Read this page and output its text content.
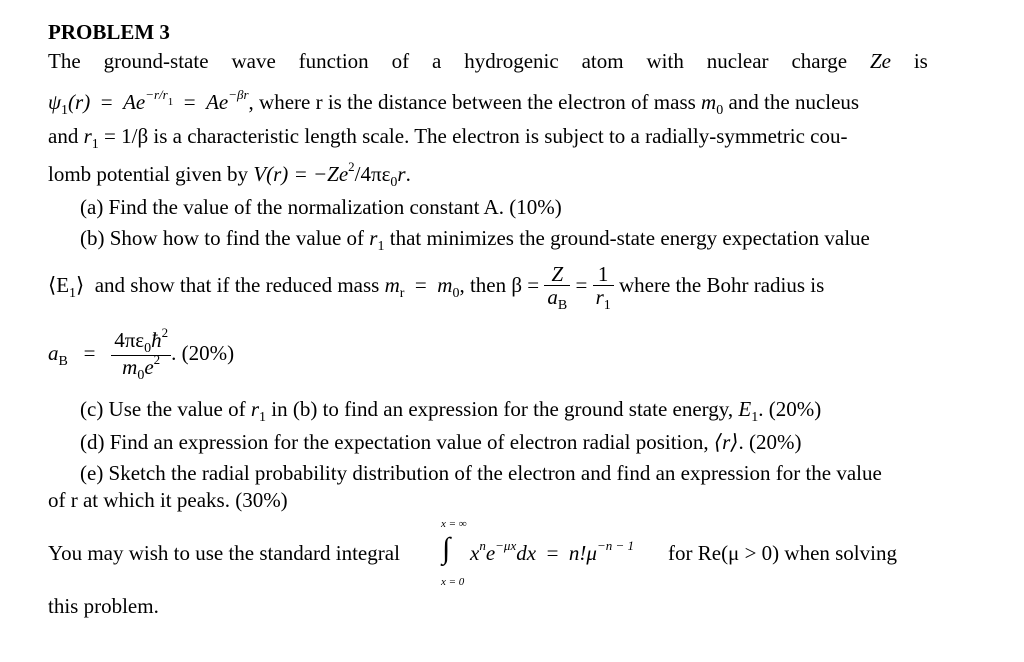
PROBLEM 3
The ground-state wave function of a hydrogenic atom with nuclear charge Ze is
$\psi_1(r) = Ae^{-r/r}1 = Ae^{-\beta r}$, where r is the distance between the electron of mass $m_0$ and the nucleus
and $r_1 = 1/\beta$ is a characteristic length scale. The electron is subject to a radially-symmetric cou-
lomb potential given by $V(r) = -Ze^2/4\pi\varepsilon_0r$.
(a) Find the value of the normalization constant A. (10%)
(b) Show how to find the value of $r_1$ that minimizes the ground-state energy expectation value
$⟨E_1⟩$ and show that if the reduced mass $m_r = m_0$, then $\beta = \frac{Z}{a_B} = \frac{1}{r_1}$ where the Bohr radius is
$a_B = \frac{4\pi\varepsilon_0ħ^2}{m_0e^2}$ . (20%)
(c) Use the value of $r_1$ in (b) to find an expression for the ground state energy, $E_1$. (20%)
(d) Find an expression for the expectation value of electron radial position, ⟨r⟩. (20%)
(e) Sketch the radial probability distribution of the electron and find an expression for the value
of r at which it peaks. (30%)
x = ∞
x = 0
You may wish to use the standard integral ∫ $x^ne^{-\mu x}dx = n!\mu^{-n - 1}$ for Re(μ > 0) when solving
this problem.
